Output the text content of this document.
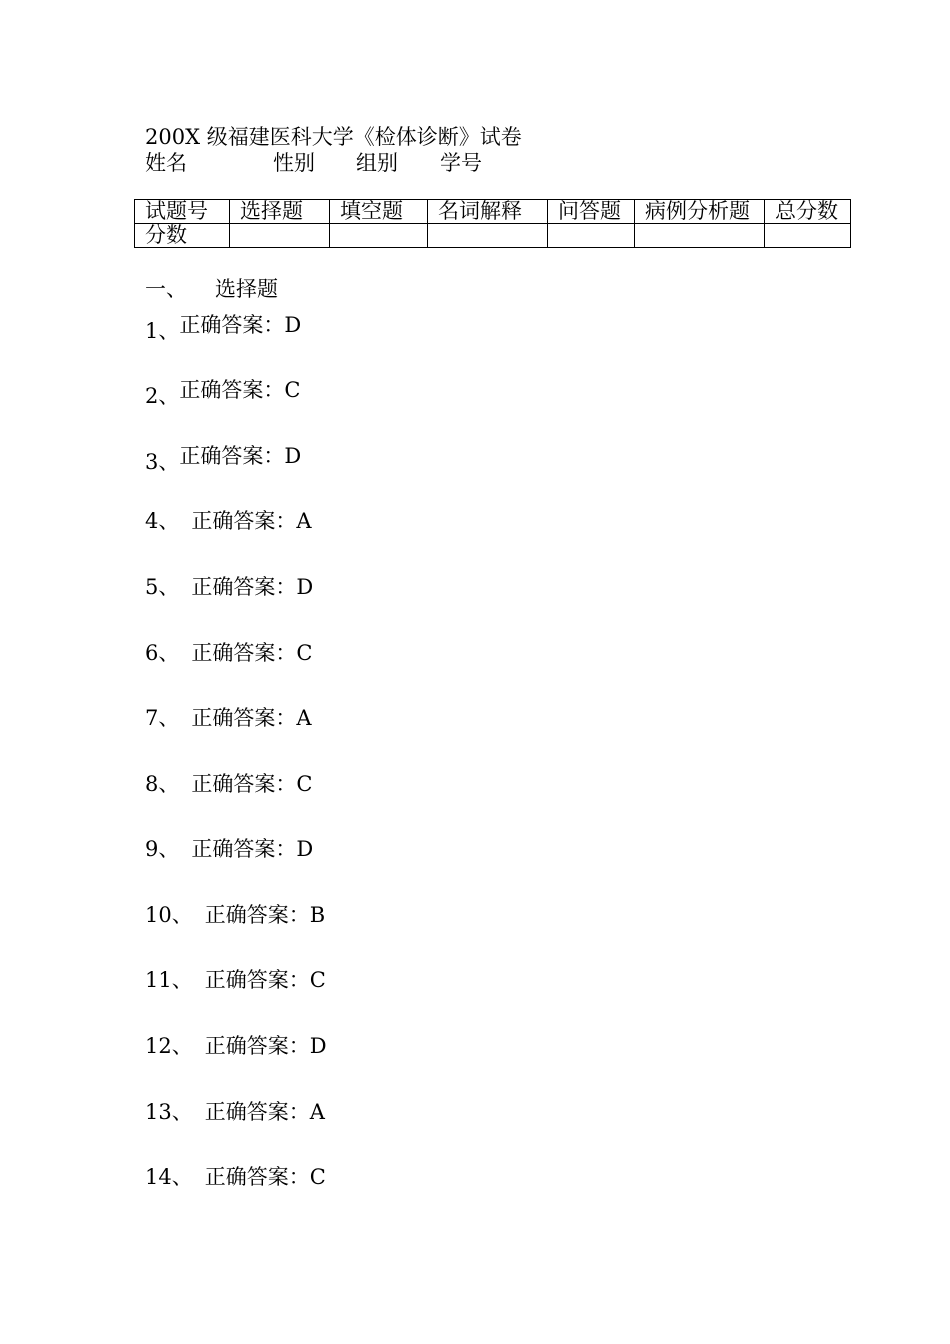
200X 级福建医科大学《检体诊断》试卷
姓名	性别 组别 学号
试题号	选择题	填空题	名词解释	问答题	病例分析题	总分数
分数						
一、 选择题
1、正确答案：D
2、正确答案：C
3、正确答案：D
4、 正确答案：A
5、 正确答案：D
6、 正确答案：C
7、 正确答案：A
8、 正确答案：C
9、 正确答案：D
10、 正确答案：B
11、 正确答案：C
12、 正确答案：D
13、 正确答案：A
14、 正确答案：C
